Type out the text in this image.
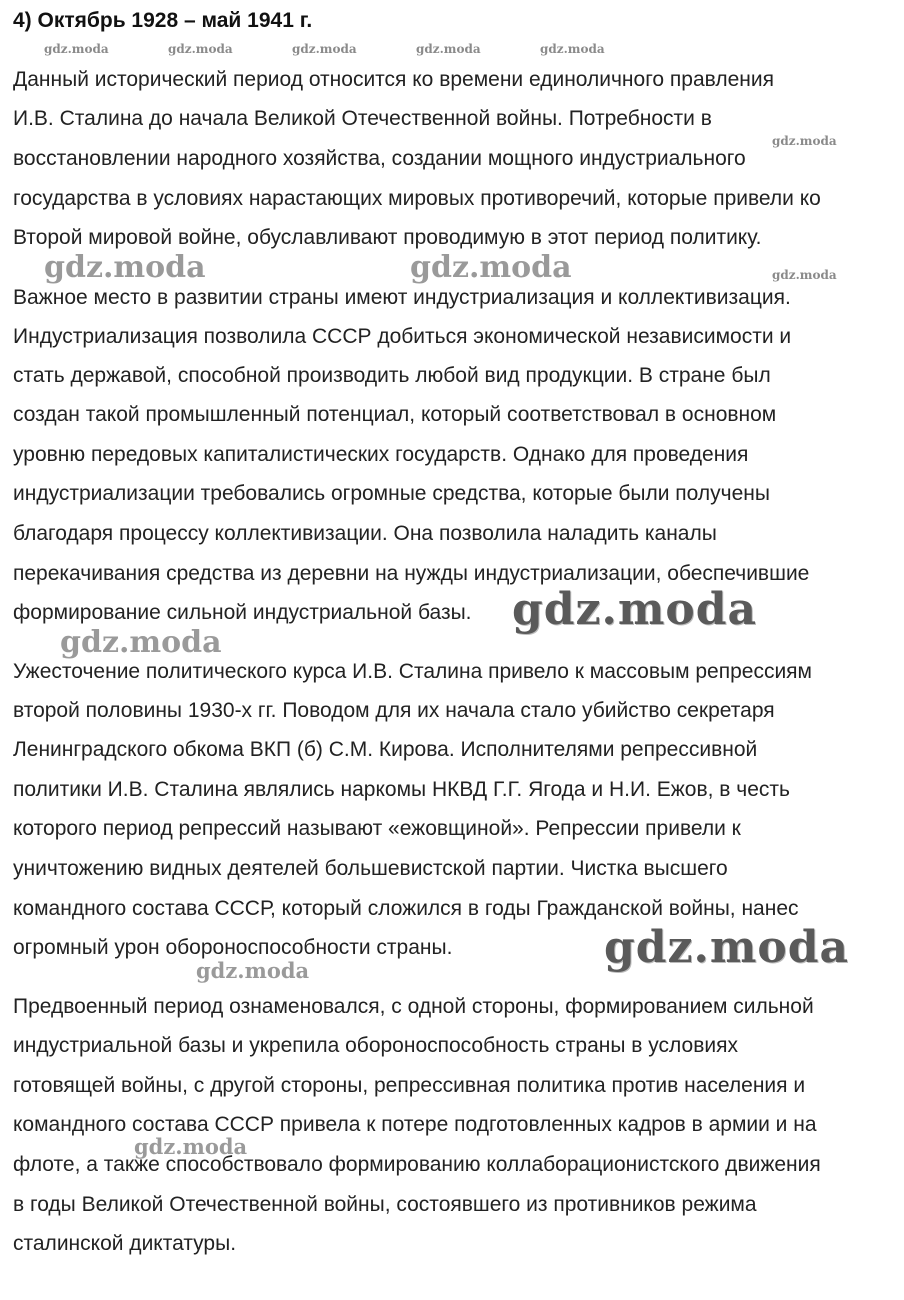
4) Октябрь 1928 – май 1941 г.
Данный исторический период относится ко времени единоличного правления
И.В. Сталина до начала Великой Отечественной войны. Потребности в
восстановлении народного хозяйства, создании мощного индустриального
государства в условиях нарастающих мировых противоречий, которые привели ко
Второй мировой войне, обуславливают проводимую в этот период политику.
Важное место в развитии страны имеют индустриализация и коллективизация.
Индустриализация позволила СССР добиться экономической независимости и
стать державой, способной производить любой вид продукции. В стране был
создан такой промышленный потенциал, который соответствовал в основном
уровню передовых капиталистических государств. Однако для проведения
индустриализации требовались огромные средства, которые были получены
благодаря процессу коллективизации. Она позволила наладить каналы
перекачивания средства из деревни на нужды индустриализации, обеспечившие
формирование сильной индустриальной базы.
Ужесточение политического курса И.В. Сталина привело к массовым репрессиям
второй половины 1930-х гг. Поводом для их начала стало убийство секретаря
Ленинградского обкома ВКП (б) С.М. Кирова. Исполнителями репрессивной
политики И.В. Сталина являлись наркомы НКВД Г.Г. Ягода и Н.И. Ежов, в честь
которого период репрессий называют «ежовщиной». Репрессии привели к
уничтожению видных деятелей большевистской партии. Чистка высшего
командного состава СССР, который сложился в годы Гражданской войны, нанес
огромный урон обороноспособности страны.
Предвоенный период ознаменовался, с одной стороны, формированием сильной
индустриальной базы и укрепила обороноспособность страны в условиях
готовящей войны, с другой стороны, репрессивная политика против населения и
командного состава СССР привела к потере подготовленных кадров в армии и на
флоте, а также способствовало формированию коллаборационистского движения
в годы Великой Отечественной войны, состоявшего из противников режима
сталинской диктатуры.
gdz.moda	gdz.moda	gdz.moda	gdz.moda	gdz.moda
gdz.moda
gdz.moda
gdz.moda	gdz.moda
gdz.moda
gdz.moda
gdz.moda
gdz.moda
gdz.moda
